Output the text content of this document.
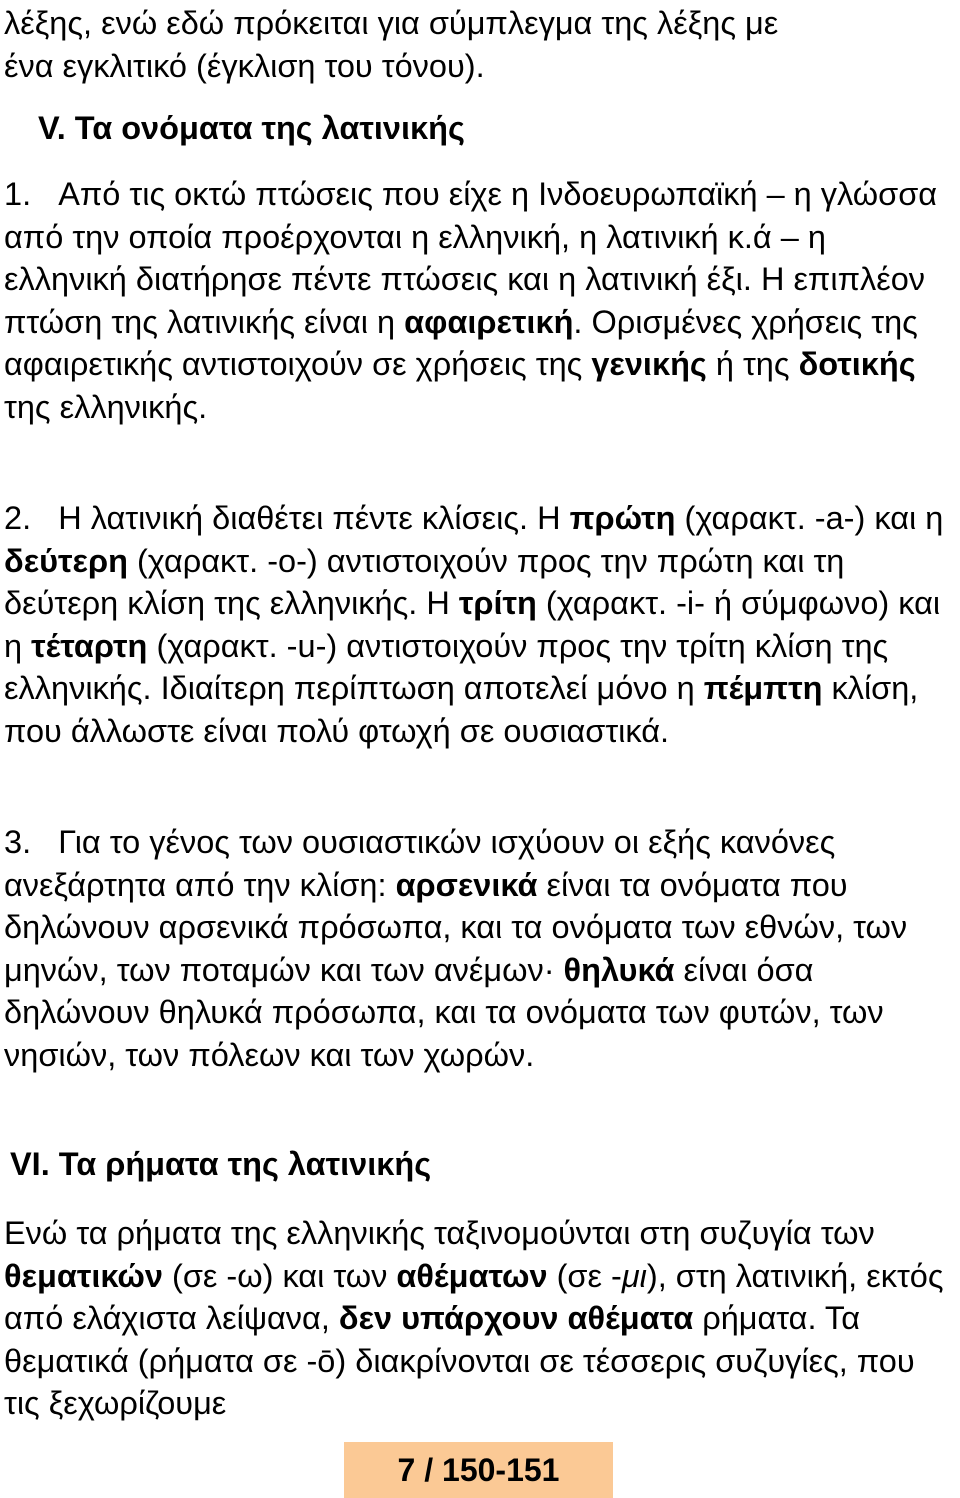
λέξης, ενώ εδώ πρόκειται για σύμπλεγμα της λέξης με
ένα εγκλιτικό (έγκλιση του τόνου).
V. Τα ονόματα της λατινικής
1. Από τις οκτώ πτώσεις που είχε η Ινδοευρωπαϊκή – η γλώσσα από την οποία προέρχονται η ελληνική, η λατινική κ.ά – η ελληνική διατήρησε πέντε πτώσεις και η λατινική έξι. Η επιπλέον πτώση της λατινικής είναι η αφαιρετική. Ορισμένες χρήσεις της αφαιρετικής αντιστοιχούν σε χρήσεις της γενικής ή της δοτικής της ελληνικής.
2. Η λατινική διαθέτει πέντε κλίσεις. Η πρώτη (χαρακτ. -a-) και η δεύτερη (χαρακτ. -o-) αντιστοιχούν προς την πρώτη και τη δεύτερη κλίση της ελληνικής. Η τρίτη (χαρακτ. -i- ή σύμφωνο) και η τέταρτη (χαρακτ. -u-) αντιστοιχούν προς την τρίτη κλίση της ελληνικής. Ιδιαίτερη περίπτωση αποτελεί μόνο η πέμπτη κλίση, που άλλωστε είναι πολύ φτωχή σε ουσιαστικά.
3. Για το γένος των ουσιαστικών ισχύουν οι εξής κανόνες ανεξάρτητα από την κλίση: αρσενικά είναι τα ονόματα που δηλώνουν αρσενικά πρόσωπα, και τα ονόματα των εθνών, των μηνών, των ποταμών και των ανέμων· θηλυκά είναι όσα δηλώνουν θηλυκά πρόσωπα, και τα ονόματα των φυτών, των νησιών, των πόλεων και των χωρών.
VI. Τα ρήματα της λατινικής
Ενώ τα ρήματα της ελληνικής ταξινομούνται στη συζυγία των θεματικών (σε -ω) και των αθέματων (σε -μι), στη λατινική, εκτός από ελάχιστα λείψανα, δεν υπάρχουν αθέματα ρήματα. Τα θεματικά (ρήματα σε -ō) διακρίνονται σε τέσσερις συζυγίες, που τις ξεχωρίζουμε
7 / 150-151
